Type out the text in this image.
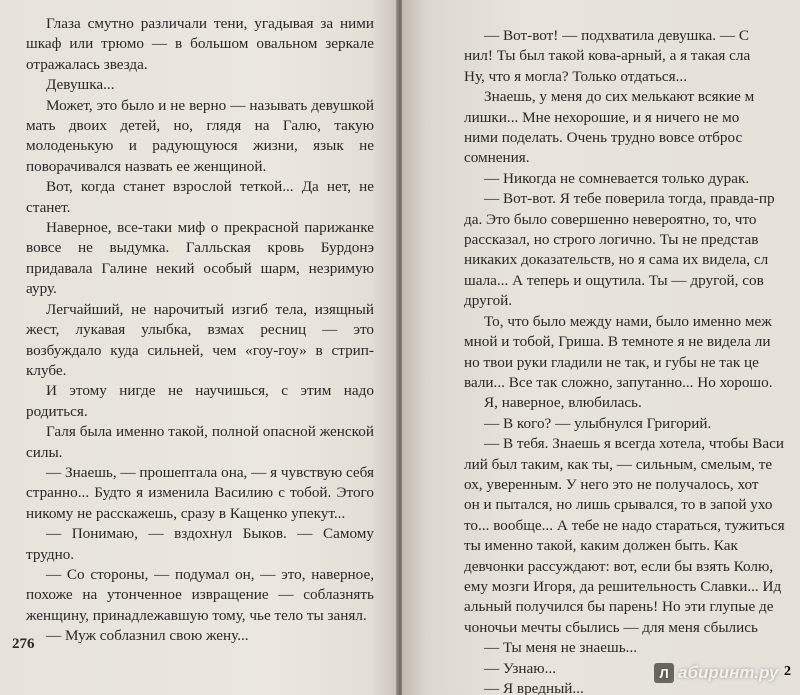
Глаза смутно различали тени, угадывая за ними шкаф или трюмо — в большом овальном зеркале отражалась звезда.

Девушка...

Может, это было и не верно — называть девушкой мать двоих детей, но, глядя на Галю, такую молоденькую и радующуюся жизни, язык не поворачивался назвать ее женщиной.

Вот, когда станет взрослой теткой... Да нет, не станет.

Наверное, все-таки миф о прекрасной парижанке вовсе не выдумка. Галльская кровь Бурдонэ придавала Галине некий особый шарм, незримую ауру.

Легчайший, не нарочитый изгиб тела, изящный жест, лукавая улыбка, взмах ресниц — это возбуждало куда сильней, чем «гоу-гоу» в стрип-клубе.

И этому нигде не научишься, с этим надо родиться.

Галя была именно такой, полной опасной женской силы.

— Знаешь, — прошептала она, — я чувствую себя странно... Будто я изменила Василию с тобой. Этого никому не расскажешь, сразу в Кащенко упекут...

— Понимаю, — вздохнул Быков. — Самому трудно.

— Со стороны, — подумал он, — это, наверное, похоже на утонченное извращение — соблазнять женщину, принадлежавшую тому, чье тело ты занял.

— Муж соблазнил свою жену...

276

— Вот-вот! — подхватила девушка. — С

нил! Ты был такой кова-арный, а я такая сла

Ну, что я могла? Только отдаться...

Знаешь, у меня до сих мелькают всякие м

лишки... Мне нехорошие, и я ничего не мо

ними поделать. Очень трудно вовсе отброс

сомнения.

— Никогда не сомневается только дурак.

— Вот-вот. Я тебе поверила тогда, правда-пр

да. Это было совершенно невероятно, то, что

рассказал, но строго логично. Ты не представ

никаких доказательств, но я сама их видела, сл

шала... А теперь и ощутила. Ты — другой, сов

другой.

То, что было между нами, было именно меж

мной и тобой, Гриша. В темноте я не видела ли

но твои руки гладили не так, и губы не так це

вали... Все так сложно, запутанно... Но хорошо.

Я, наверное, влюбилась.

— В кого? — улыбнулся Григорий.

— В тебя. Знаешь я всегда хотела, чтобы Васи

лий был таким, как ты, — сильным, смелым, те

ох, уверенным. У него это не получалось, хот

он и пытался, но лишь срывался, то в запой ухо

то... вообще... А тебе не надо стараться, тужиться

ты именно такой, каким должен быть. Как

девчонки рассуждают: вот, если бы взять Колю,

ему мозги Игоря, да решительность Славки... Ид

альный получился бы парень! Но эти глупые де

чоночьи мечты сбылись — для меня сбылись

— Ты меня не знаешь...

— Узнаю...

— Я вредный...

2
Л абиринт.ру
